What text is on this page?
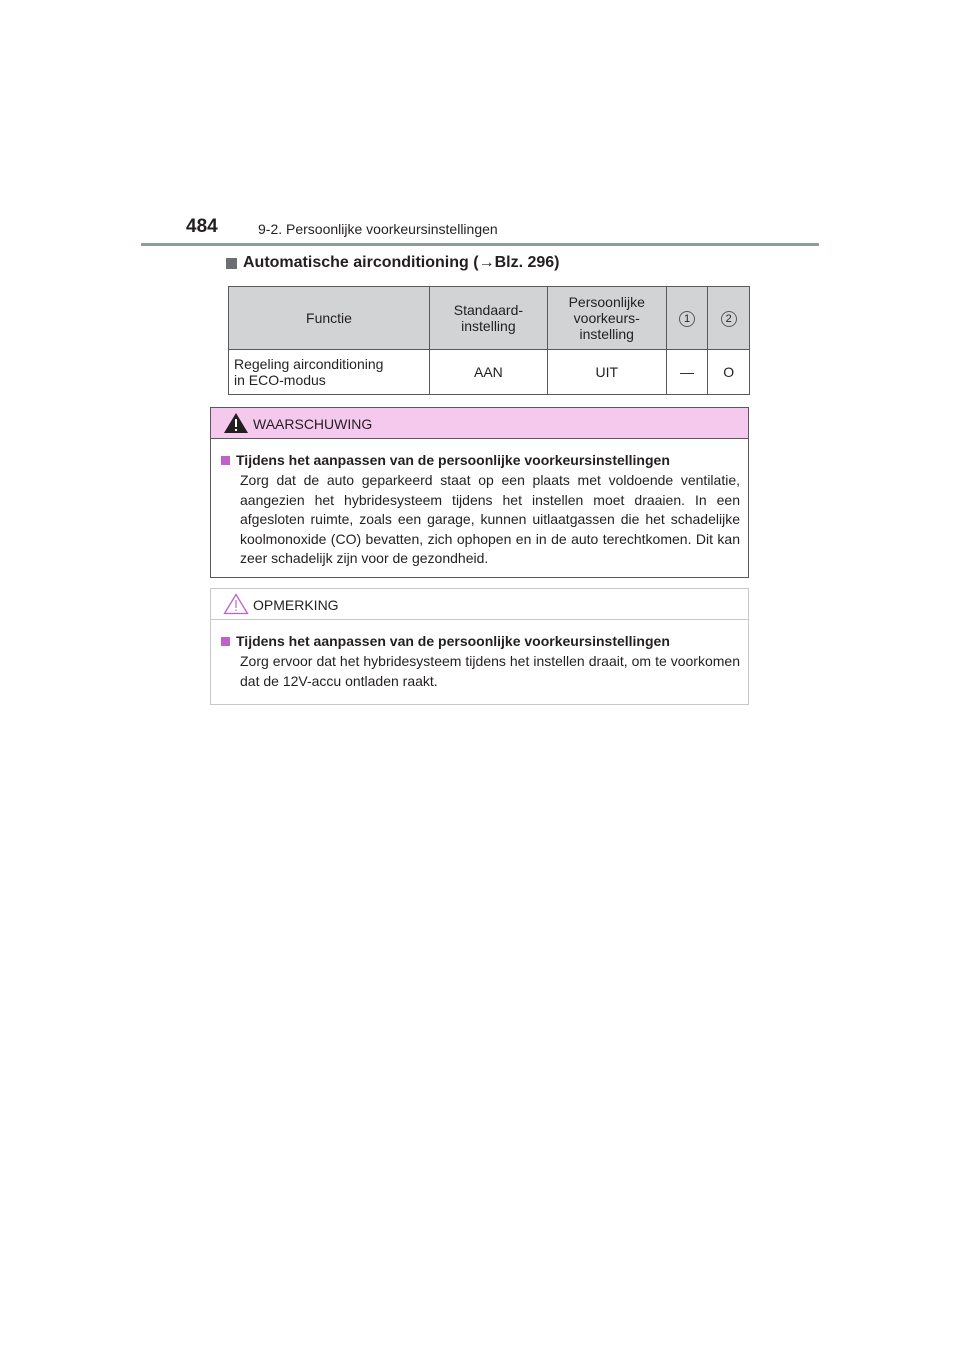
484	9-2. Persoonlijke voorkeursinstellingen
Automatische airconditioning (→Blz. 296)
Functie	Standaard-instelling	Persoonlijke voorkeurs-instelling	1	2

Regeling airconditioning
in ECO-modus	AAN	UIT	—	O
WAARSCHUWING
Tijdens het aanpassen van de persoonlijke voorkeursinstellingen
Zorg dat de auto geparkeerd staat op een plaats met voldoende ventilatie, aangezien het hybridesysteem tijdens het instellen moet draaien. In een afgesloten ruimte, zoals een garage, kunnen uitlaatgassen die het schadelijke koolmonoxide (CO) bevatten, zich ophopen en in de auto terechtkomen. Dit kan zeer schadelijk zijn voor de gezondheid.
OPMERKING
Tijdens het aanpassen van de persoonlijke voorkeursinstellingen
Zorg ervoor dat het hybridesysteem tijdens het instellen draait, om te voorkomen dat de 12V-accu ontladen raakt.
